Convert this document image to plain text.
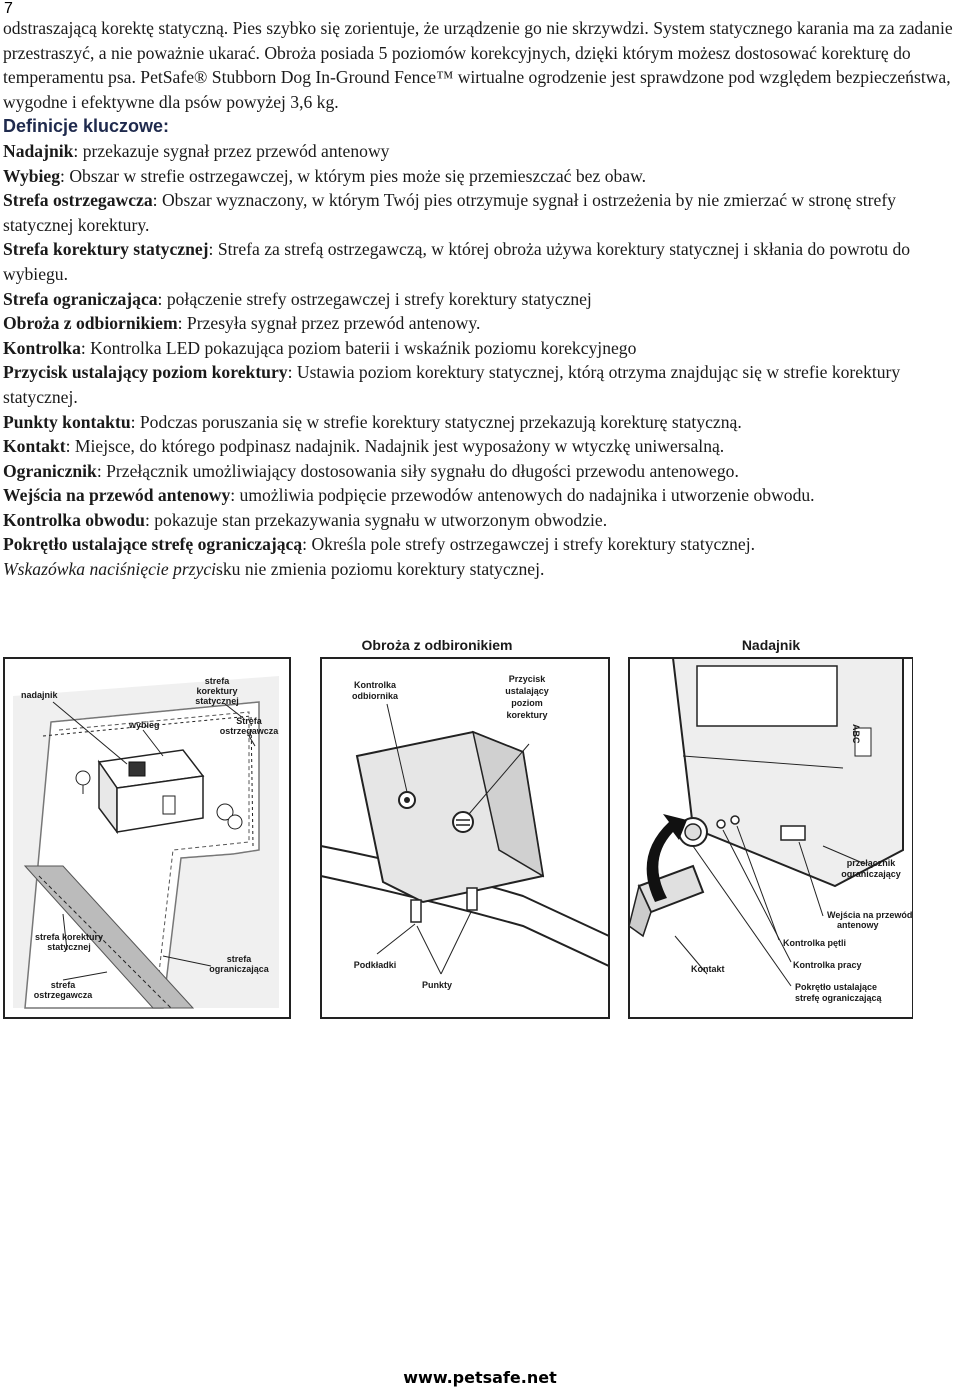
7

odstraszającą korektę statyczną. Pies szybko się zorientuje, że urządzenie go nie skrzywdzi. System statycznego karania ma za zadanie przestraszyć, a nie poważnie ukarać. Obroża posiada 5 poziomów korekcyjnych, dzięki którym możesz dostosować korekturę do temperamentu psa. PetSafe® Stubborn Dog In-Ground Fence™ wirtualne ogrodzenie jest sprawdzone pod względem bezpieczeństwa, wygodne i efektywne dla psów powyżej 3,6 kg.

Definicje kluczowe:

Nadajnik: przekazuje sygnał przez przewód antenowy

Wybieg: Obszar w strefie ostrzegawczej, w którym pies może się przemieszczać bez obaw.

Strefa ostrzegawcza: Obszar wyznaczony, w którym Twój pies otrzymuje sygnał i ostrzeżenia by nie zmierzać w stronę strefy statycznej korektury.

Strefa korektury statycznej: Strefa za strefą ostrzegawczą, w której obroża używa korektury statycznej i skłania do powrotu do wybiegu.

Strefa ograniczająca: połączenie strefy ostrzegawczej i strefy korektury statycznej

Obroża z odbiornikiem: Przesyła sygnał przez przewód antenowy.

Kontrolka: Kontrolka LED pokazująca poziom baterii i wskaźnik poziomu korekcyjnego

Przycisk ustalający poziom korektury: Ustawia poziom korektury statycznej, którą otrzyma znajdując się w strefie korektury statycznej.

Punkty kontaktu: Podczas poruszania się w strefie korektury statycznej przekazują korekturę statyczną.

Kontakt: Miejsce, do którego podpinasz nadajnik. Nadajnik jest wyposażony w wtyczkę uniwersalną.

Ogranicznik: Przełącznik umożliwiający dostosowania siły sygnału do długości przewodu antenowego.

Wejścia na przewód antenowy: umożliwia podpięcie przewodów antenowych do nadajnika i utworzenie obwodu.

Kontrolka obwodu: pokazuje stan przekazywania sygnału w utworzonym obwodzie.

Pokrętło ustalające strefę ograniczającą: Określa pole strefy ostrzegawczej i strefy korektury statycznej.

Wskazówka naciśnięcie przycisku nie zmienia poziomu korektury statycznej.

nadajnik
strefa
korektury
statycznej
wybieg	Strefa
ostrzegawcza
strefa korektury
statycznej
strefa
ograniczająca
strefa
ostrzegawcza
Obroża z odbironikiem
Kontrolka
odbiornika
Przycisk
ustalający
poziom
korektury
Podkładki
Punkty
Nadajnik
ABC
przełącznik
ograniczający
Wejścia na przewód
antenowy
Kontrolka pętli
Kontrolka pracy
Pokrętło ustalające
strefę ograniczającą
Kontakt
www.petsafe.net
